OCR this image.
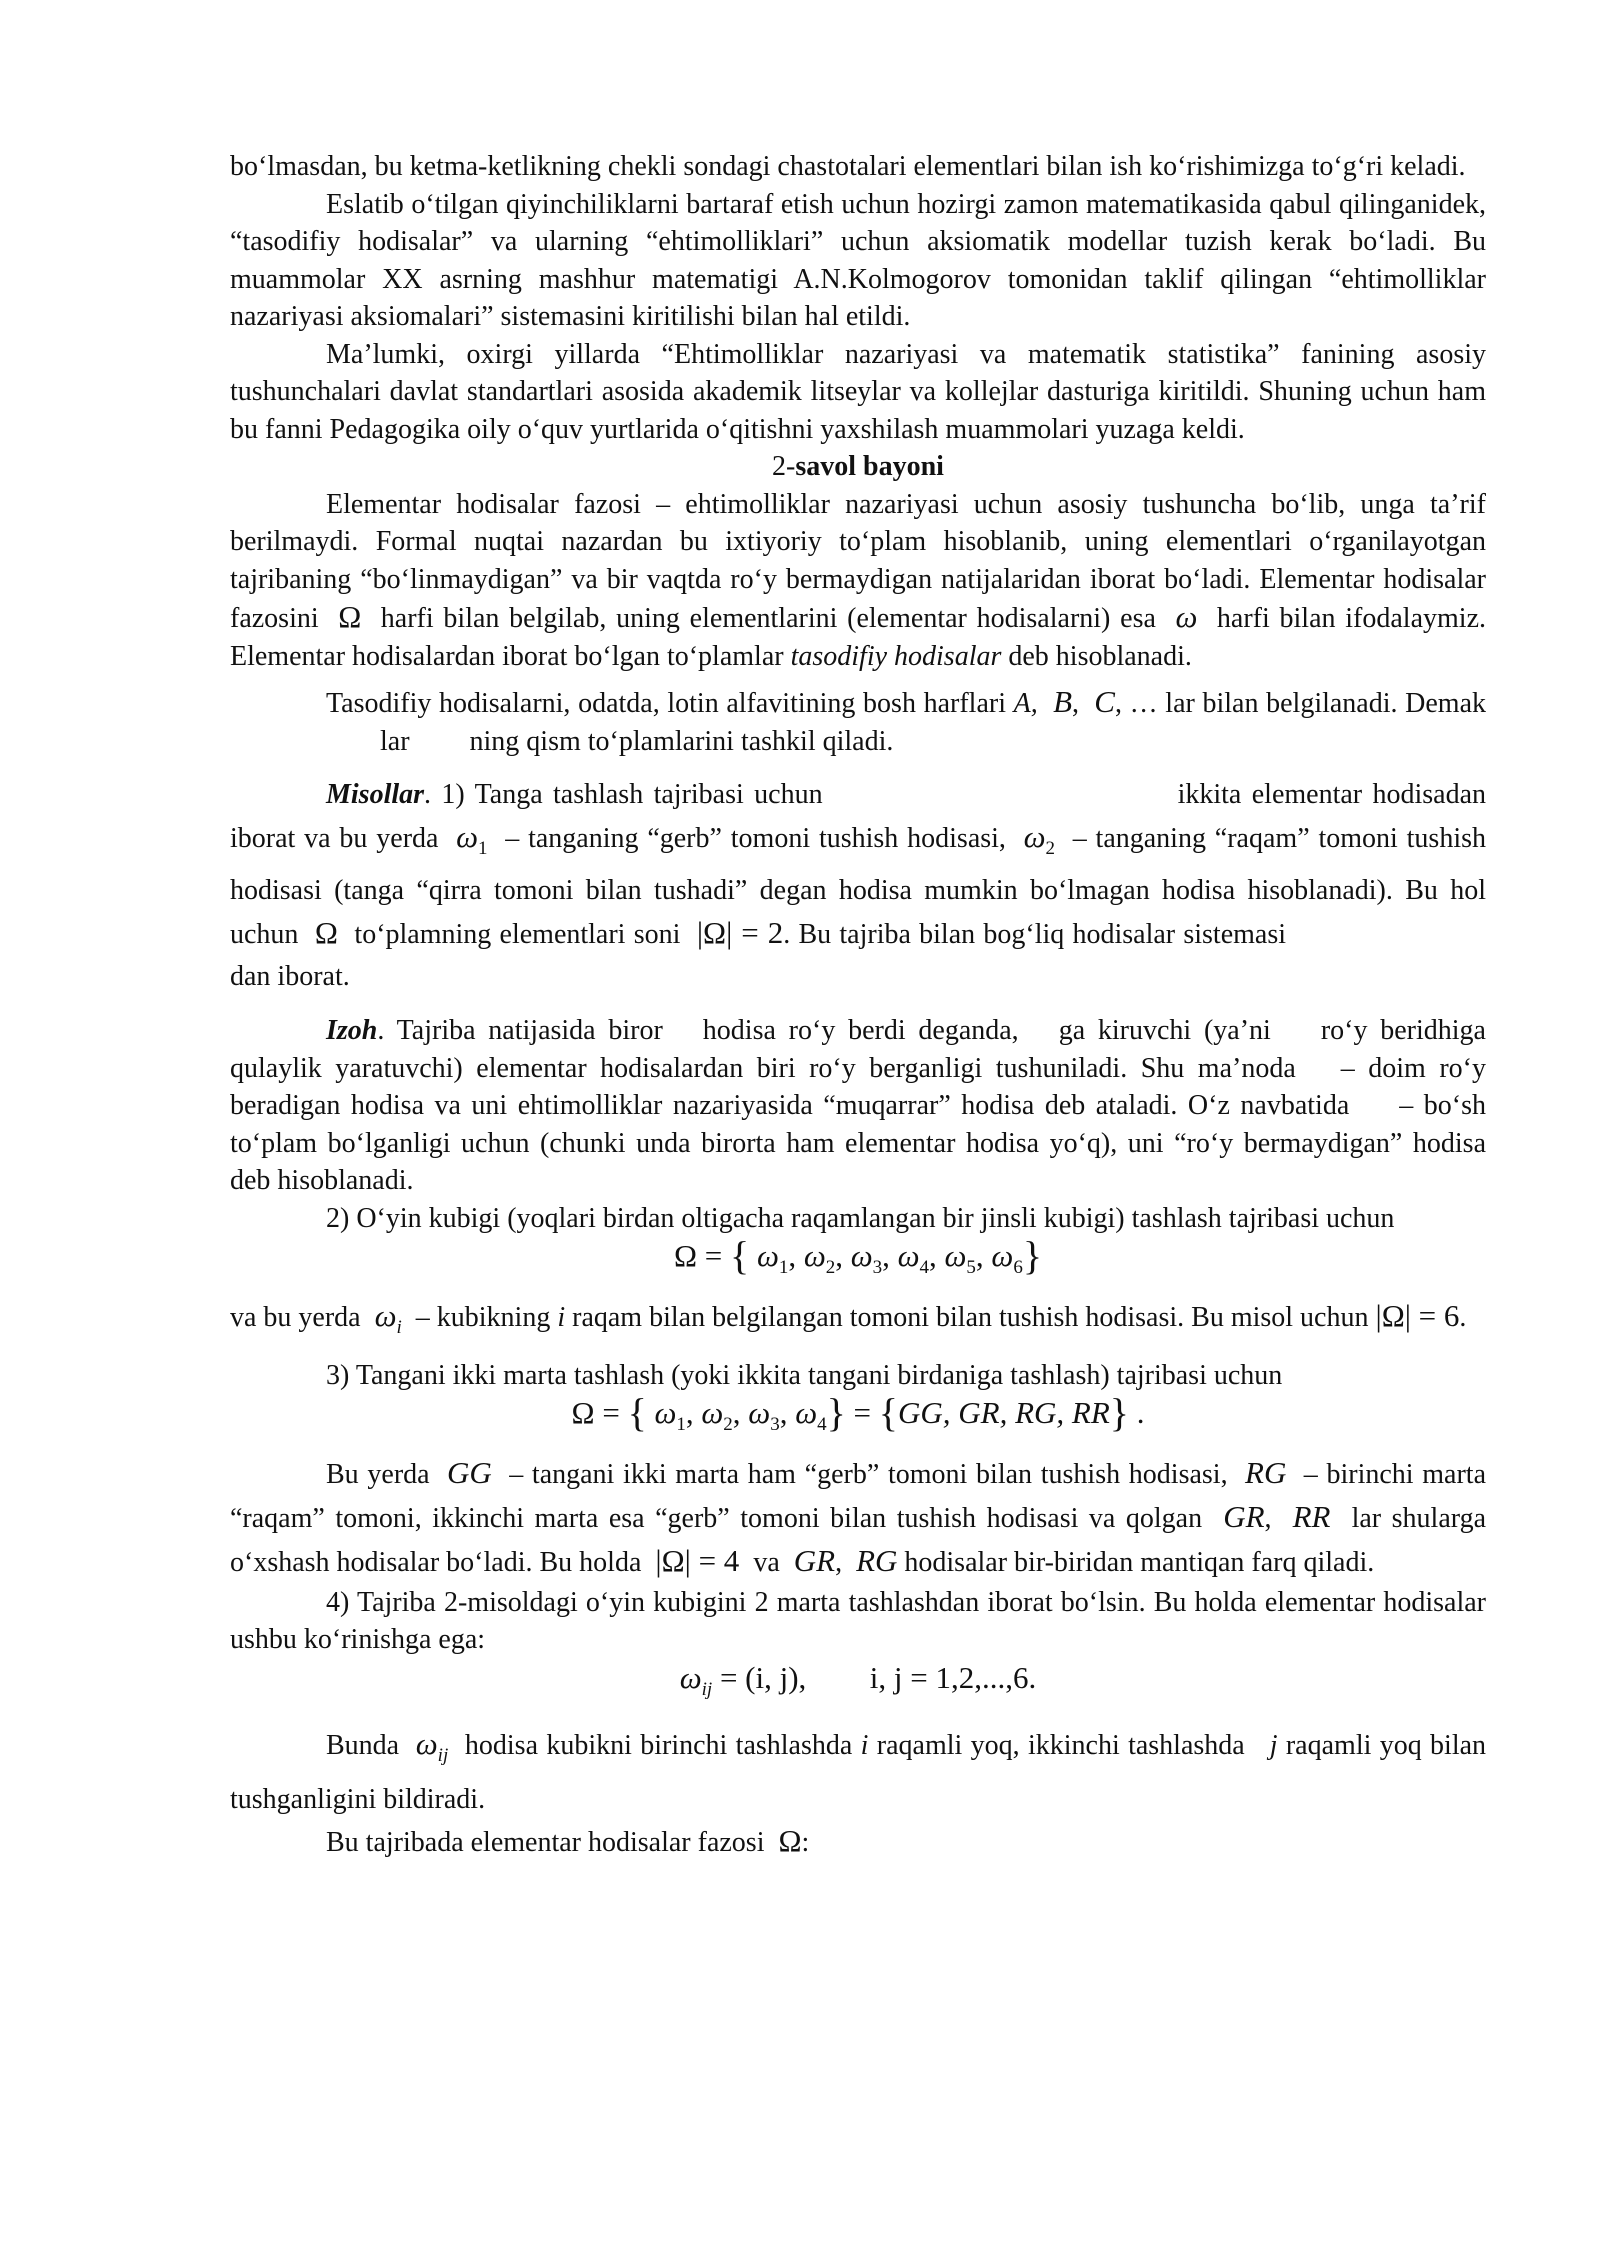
bo‘lmasdan, bu ketma-ketlikning chekli sondagi chastotalari elementlari bilan ish ko‘rishimizga to‘g‘ri keladi.

Eslatib o‘tilgan qiyinchiliklarni bartaraf etish uchun hozirgi zamon matematikasida qabul qilinganidek, “tasodifiy hodisalar” va ularning “ehtimolliklari” uchun aksiomatik modellar tuzish kerak bo‘ladi. Bu muammolar XX asrning mashhur matematigi A.N.Kolmogorov tomonidan taklif qilingan “ehtimolliklar nazariyasi aksiomalari” sistemasini kiritilishi bilan hal etildi.

Ma’lumki, oxirgi yillarda “Ehtimolliklar nazariyasi va matematik statistika” fanining asosiy tushunchalari davlat standartlari asosida akademik litseylar va kollejlar dasturiga kiritildi. Shuning uchun ham bu fanni Pedagogika oily o‘quv yurtlarida o‘qitishni yaxshilash muammolari yuzaga keldi.

2-savol bayoni

Elementar hodisalar fazosi – ehtimolliklar nazariyasi uchun asosiy tushuncha bo‘lib, unga ta’rif berilmaydi. Formal nuqtai nazardan bu ixtiyoriy to‘plam hisoblanib, uning elementlari o‘rganilayotgan tajribaning “bo‘linmaydigan” va bir vaqtda ro‘y bermaydigan natijalaridan iborat bo‘ladi. Elementar hodisalar fazosini Ω harfi bilan belgilab, uning elementlarini (elementar hodisalarni) esa ω harfi bilan ifodalaymiz. Elementar hodisalardan iborat bo‘lgan to‘plamlar tasodifiy hodisalar deb hisoblanadi.

Tasodifiy hodisalarni, odatda, lotin alfavitining bosh harflari A, B,  C, … lar bilan belgilanadi. Demaklar ning qism to‘plamlarini tashkil qiladi.

Misollar. 1) Tanga tashlash tajribasi uchun	ikkita elementar hodisadan iborat va bu yerda $\omega_1$ – tanganing “gerb” tomoni tushish hodisasi, $\omega_2$ – tanganing “raqam” tomoni tushish hodisasi (tanga “qirra tomoni bilan tushadi” degan hodisa mumkin bo‘lmagan hodisa hisoblanadi). Bu hol uchun Ω to‘plamning elementlari soni |Ω| = 2. Bu tajriba bilan bog‘liq hodisalar sistemasidan iborat.

Izoh. Tajriba natijasida biror hodisa ro‘y berdi deganda, ga kiruvchi (ya’ni ro‘y beridhiga qulaylik yaratuvchi) elementar hodisalardan biri ro‘y berganligi tushuniladi. Shu ma’noda – doim ro‘y beradigan hodisa va uni ehtimolliklar nazariyasida “muqarrar” hodisa deb ataladi. O‘z navbatida – bo‘sh to‘plam bo‘lganligi uchun (chunki unda birorta ham elementar hodisa yo‘q), uni “ro‘y bermaydigan” hodisa deb hisoblanadi.

2) O‘yin kubigi (yoqlari birdan oltigacha raqamlangan bir jinsli kubigi) tashlash tajribasi uchun

Ω = { $\omega_1$, $\omega_2$, $\omega_3$, $\omega_4$, $\omega_5$, $\omega_6$}

va bu yerda $\omega_i$ – kubikning i raqam bilan belgilangan tomoni bilan tushish hodisasi. Bu misol uchun |Ω| = 6.

3) Tangani ikki marta tashlash (yoki ikkita tangani birdaniga tashlash) tajribasi uchun

Ω = { $\omega_1$, $\omega_2$, $\omega_3$, $\omega_4\} = \{GG$, GR, RG, RR} .

Bu yerda GG – tangani ikki marta ham “gerb” tomoni bilan tushish hodisasi, RG – birinchi marta “raqam” tomoni, ikkinchi marta esa “gerb” tomoni bilan tushish hodisasi va qolgan GR,  RR lar shularga o‘xshash hodisalar bo‘ladi. Bu holda |Ω| = 4 va GR,  RG hodisalar bir-biridan mantiqan farq qiladi.

4) Tajriba 2-misoldagi o‘yin kubigini 2 marta tashlashdan iborat bo‘lsin. Bu holda elementar hodisalar ushbu ko‘rinishga ega:

$\omega_{ij} = (i$, j), i, j = 1,2,...,6.

Bunda $\omega_{ij}$ hodisa kubikni birinchi tashlashda i raqamli yoq, ikkinchi tashlashda j raqamli yoq bilan tushganligini bildiradi.

Bu tajribada elementar hodisalar fazosi Ω:
